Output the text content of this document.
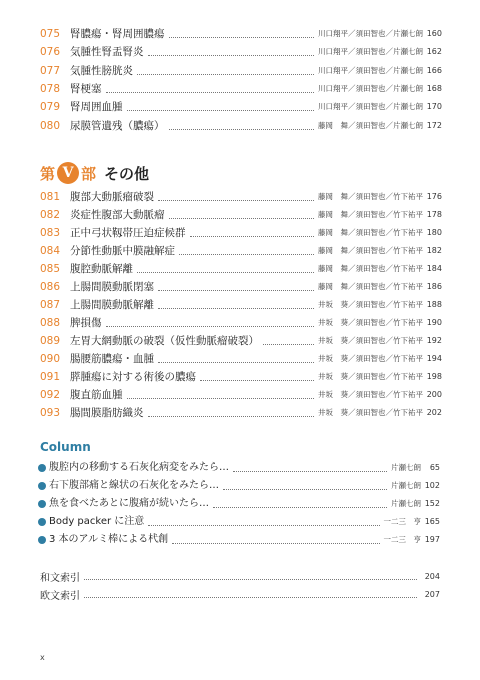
075 腎膿瘍・腎周囲膿瘍	川口翔平／須田智也／片瀬七朗 160
076 気腫性腎盂腎炎	川口翔平／須田智也／片瀬七朗 162
077 気腫性膀胱炎	川口翔平／須田智也／片瀬七朗 166
078 腎梗塞	川口翔平／須田智也／片瀬七朗 168
079 腎周囲血腫	川口翔平／須田智也／片瀬七朗 170
080 尿膜管遺残（膿瘍）	藤岡　舞／須田智也／片瀬七朗 172
第 V 部 その他
081 腹部大動脈瘤破裂	藤岡　舞／須田智也／竹下祐平 176
082 炎症性腹部大動脈瘤	藤岡　舞／須田智也／竹下祐平 178
083 正中弓状靱帯圧迫症候群	藤岡　舞／須田智也／竹下祐平 180
084 分節性動脈中膜融解症	藤岡　舞／須田智也／竹下祐平 182
085 腹腔動脈解離	藤岡　舞／須田智也／竹下祐平 184
086 上腸間膜動脈閉塞	藤岡　舞／須田智也／竹下祐平 186
087 上腸間膜動脈解離	井坂　葵／須田智也／竹下祐平 188
088 脾損傷	井坂　葵／須田智也／竹下祐平 190
089 左胃大網動脈の破裂（仮性動脈瘤破裂）	井坂　葵／須田智也／竹下祐平 192
090 腸腰筋膿瘍・血腫	井坂　葵／須田智也／竹下祐平 194
091 膵腫瘍に対する術後の膿瘍	井坂　葵／須田智也／竹下祐平 198
092 腹直筋血腫	井坂　葵／須田智也／竹下祐平 200
093 腸間膜脂肪織炎	井坂　葵／須田智也／竹下祐平 202
Column
腹腔内の移動する石灰化病変をみたら…	片瀬七朗	65
右下腹部痛と線状の石灰化をみたら…	片瀬七朗 102
魚を食べたあとに腹痛が続いたら…	片瀬七朗 152
Body packer に注意	一二三　亨 165
3 本のアルミ棒による杙創	一二三　亨 197
和文索引	204
欧文索引	207
x
